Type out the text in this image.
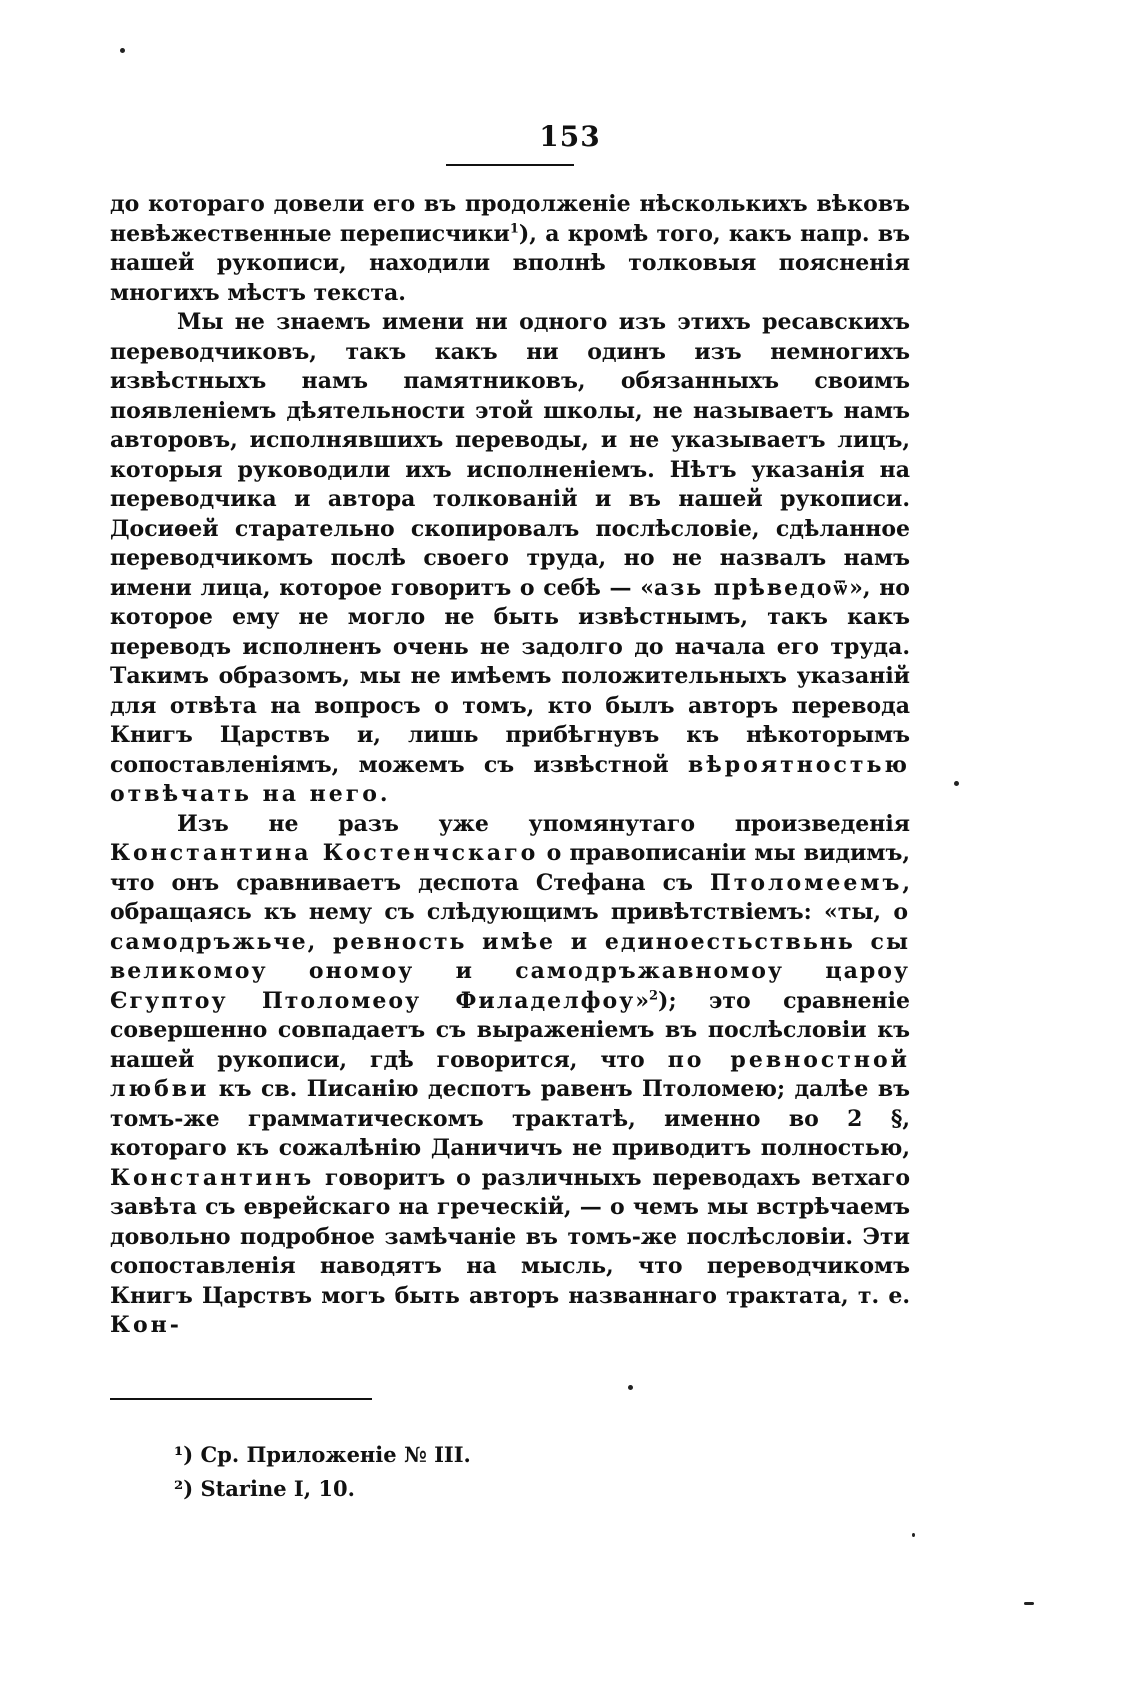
153

до котораго довели его въ продолженіе нѣсколькихъ вѣковъ невѣжественные переписчики$^1$), а кромѣ того, какъ напр. въ нашей рукописи, находили вполнѣ толковыя поясненія многихъ мѣстъ текста.

Мы не знаемъ имени ни одного изъ этихъ ресавскихъ переводчиковъ, такъ какъ ни одинъ изъ немногихъ извѣстныхъ намъ памятниковъ, обязанныхъ своимъ появленіемъ дѣятельности этой школы, не называетъ намъ авторовъ, исполнявшихъ переводы, и не указываетъ лицъ, которыя руководили ихъ исполненіемъ. Нѣтъ указанія на переводчика и автора толкованій и въ нашей рукописи. Досиѳей старательно скопировалъ послѣсловіе, сдѣланное переводчикомъ послѣ своего труда, но не назвалъ намъ имени лица, которое говоритъ о себѣ — «азь прѣведоѿ», но которое ему не могло не быть извѣстнымъ, такъ какъ переводъ исполненъ очень не задолго до начала его труда. Такимъ образомъ, мы не имѣемъ положительныхъ указаній для отвѣта на вопросъ о томъ, кто былъ авторъ перевода Книгъ Царствъ и, лишь прибѣгнувъ къ нѣкоторымъ сопоставленіямъ, можемъ съ извѣстной вѣроятностью отвѣчать на него.

Изъ не разъ уже упомянутаго произведенія Константина Костенчскаго о правописаніи мы видимъ, что онъ сравниваетъ деспота Стефана съ Птоломеемъ, обращаясь къ нему съ слѣдующимъ привѣтствіемъ: «ты, о самодръжьче, ревность имѣе и единоестьствьнь сы великомоу ономоу и самодръжавномоу цароу Єгуптоу Птоломеоу Филаделфоу»$^2$); это сравненіе совершенно совпадаетъ съ выраженіемъ въ послѣсловіи къ нашей рукописи, гдѣ говорится, что по ревностной любви къ св. Писанію деспотъ равенъ Птоломею; далѣе въ томъ-же грамматическомъ трактатѣ, именно во 2 §, котораго къ сожалѣнію Даничичъ не приводитъ полностью, Константинъ говоритъ о различныхъ переводахъ ветхаго завѣта съ еврейскаго на греческій, — о чемъ мы встрѣчаемъ довольно подробное замѣчаніе въ томъ-же послѣсловіи. Эти сопоставленія наводятъ на мысль, что переводчикомъ Книгъ Царствъ могъ быть авторъ названнаго трактата, т. е. Кон-

¹) Ср. Приложеніе № III.
²) Starine I, 10.
